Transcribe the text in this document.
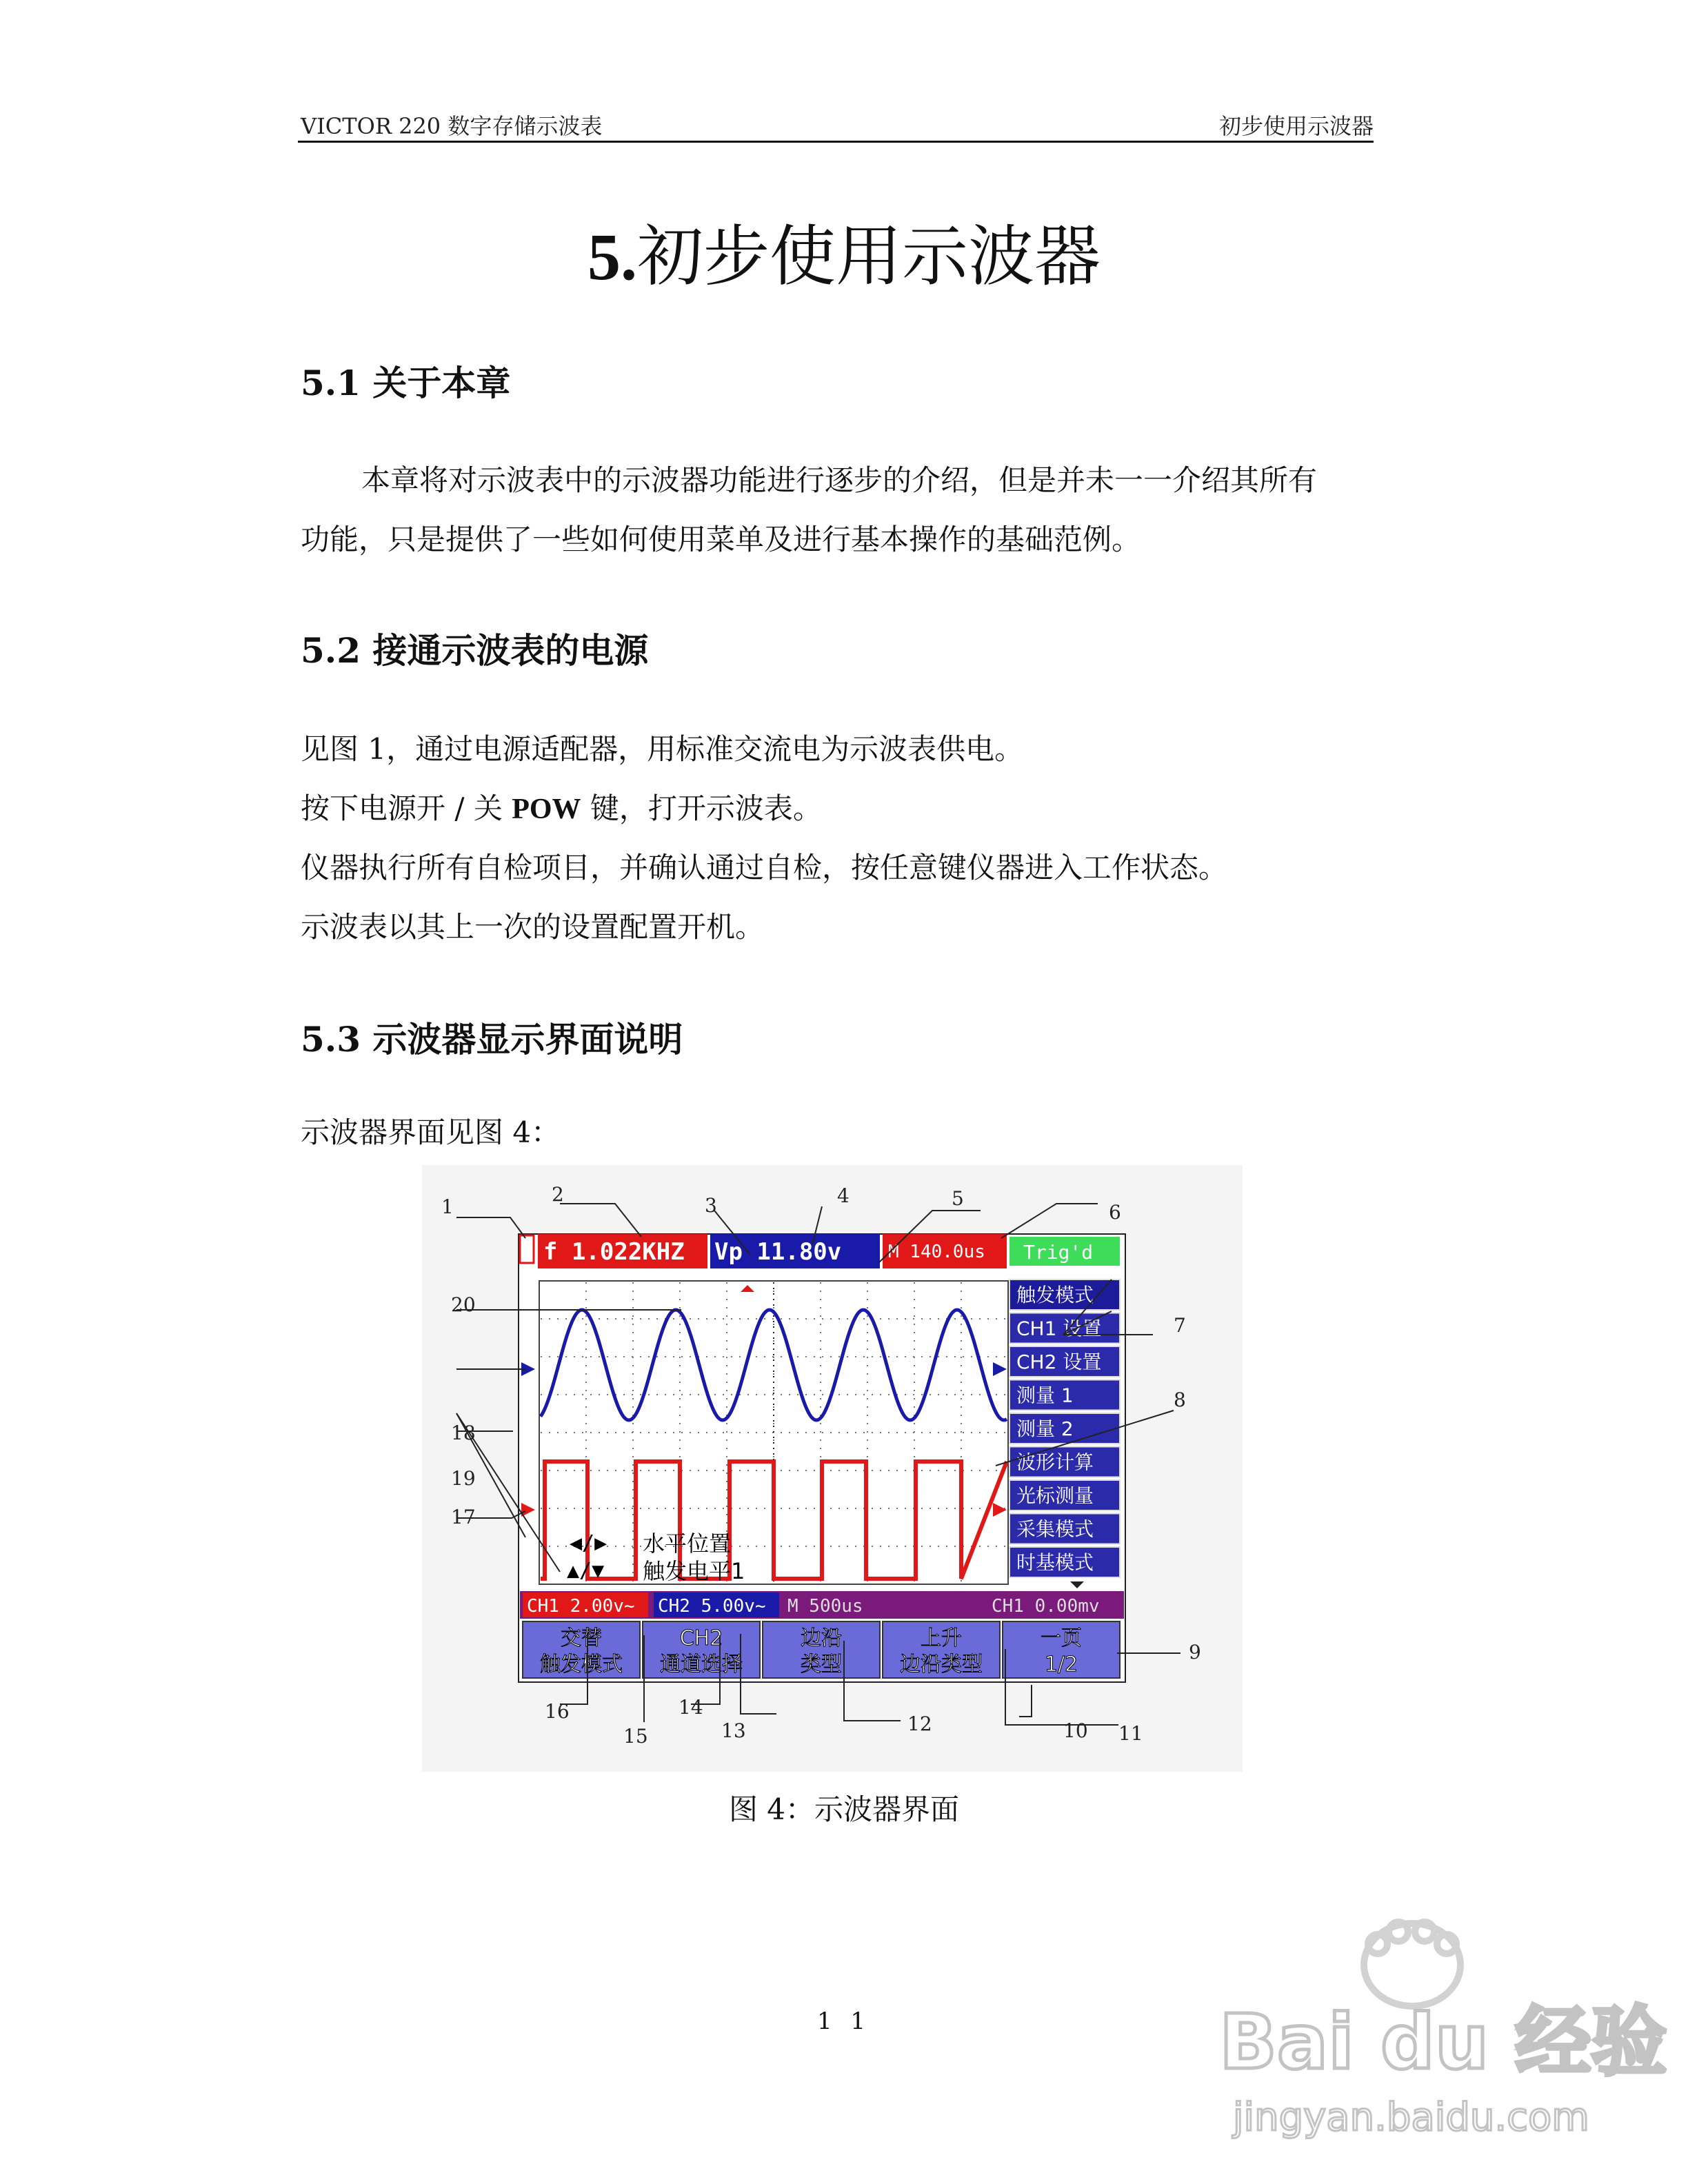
VICTOR 220 数字存储示波表	初步使用示波器
5.初步使用示波器
5.1 关于本章
本章将对示波表中的示波器功能进行逐步的介绍，但是并未一一介绍其所有
功能，只是提供了一些如何使用菜单及进行基本操作的基础范例。
5.2 接通示波表的电源
见图 1，通过电源适配器，用标准交流电为示波表供电。
按下电源开 / 关 POW 键，打开示波表。
仪器执行所有自检项目，并确认通过自检，按任意键仪器进入工作状态。
示波表以其上一次的设置配置开机。
5.3 示波器显示界面说明
示波器界面见图 4：
f 1.022KHZ Vp 11.80v	M 140.0us Trig'd
◀/▶
▲/▼
水平位置
触发电平1
触发模式
CH1 设置
CH2 设置
测量 1
测量 2
波形计算
光标测量
采集模式
时基模式
CH1 2.00v~ CH2 5.00v~ M 500us	CH1 0.00mv
交替
触发模式
CH2
通道选择
边沿
类型
上升
边沿类型
一页
1/2
1
2	3	4	5
6
7
8
9
10 11
12
13
14
15
16
17
18
19
20
图 4：示波器界面
1 1	Bai du 经验
jingyan.baidu.com
